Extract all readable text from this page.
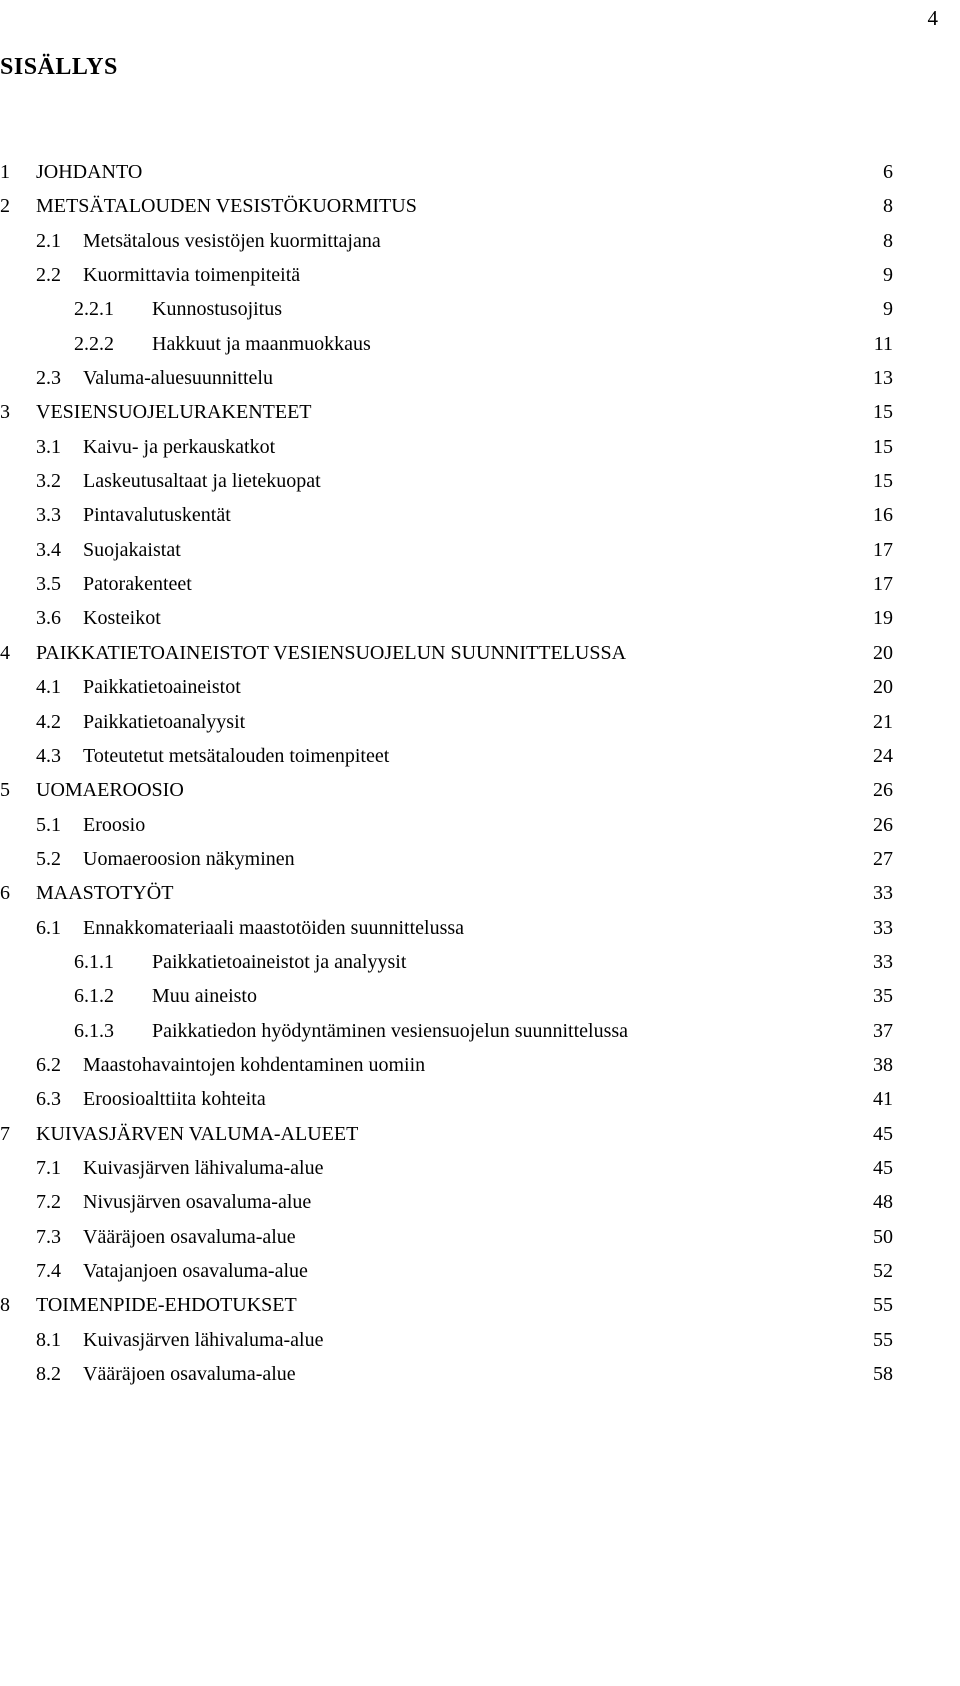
4
SISÄLLYS
1	JOHDANTO	6
2	METSÄTALOUDEN VESISTÖKUORMITUS	8
2.1	Metsätalous vesistöjen kuormittajana	8
2.2	Kuormittavia toimenpiteitä	9
2.2.1	Kunnostusojitus	9
2.2.2	Hakkuut ja maanmuokkaus	11
2.3	Valuma-aluesuunnittelu	13
3	VESIENSUOJELURAKENTEET	15
3.1	Kaivu- ja perkauskatkot	15
3.2	Laskeutusaltaat ja lietekuopat	15
3.3	Pintavalutuskentät	16
3.4	Suojakaistat	17
3.5	Patorakenteet	17
3.6	Kosteikot	19
4	PAIKKATIETOAINEISTOT VESIENSUOJELUN SUUNNITTELUSSA	20
4.1	Paikkatietoaineistot	20
4.2	Paikkatietoanalyysit	21
4.3	Toteutetut metsätalouden toimenpiteet	24
5	UOMAEROOSIO	26
5.1	Eroosio	26
5.2	Uomaeroosion näkyminen	27
6	MAASTOTYÖT	33
6.1	Ennakkomateriaali maastotöiden suunnittelussa	33
6.1.1	Paikkatietoaineistot ja analyysit	33
6.1.2	Muu aineisto	35
6.1.3	Paikkatiedon hyödyntäminen vesiensuojelun suunnittelussa	37
6.2	Maastohavaintojen kohdentaminen uomiin	38
6.3	Eroosioalttiita kohteita	41
7	KUIVASJÄRVEN VALUMA-ALUEET	45
7.1	Kuivasjärven lähivaluma-alue	45
7.2	Nivusjärven osavaluma-alue	48
7.3	Vääräjoen osavaluma-alue	50
7.4	Vatajanjoen osavaluma-alue	52
8	TOIMENPIDE-EHDOTUKSET	55
8.1	Kuivasjärven lähivaluma-alue	55
8.2	Vääräjoen osavaluma-alue	58
